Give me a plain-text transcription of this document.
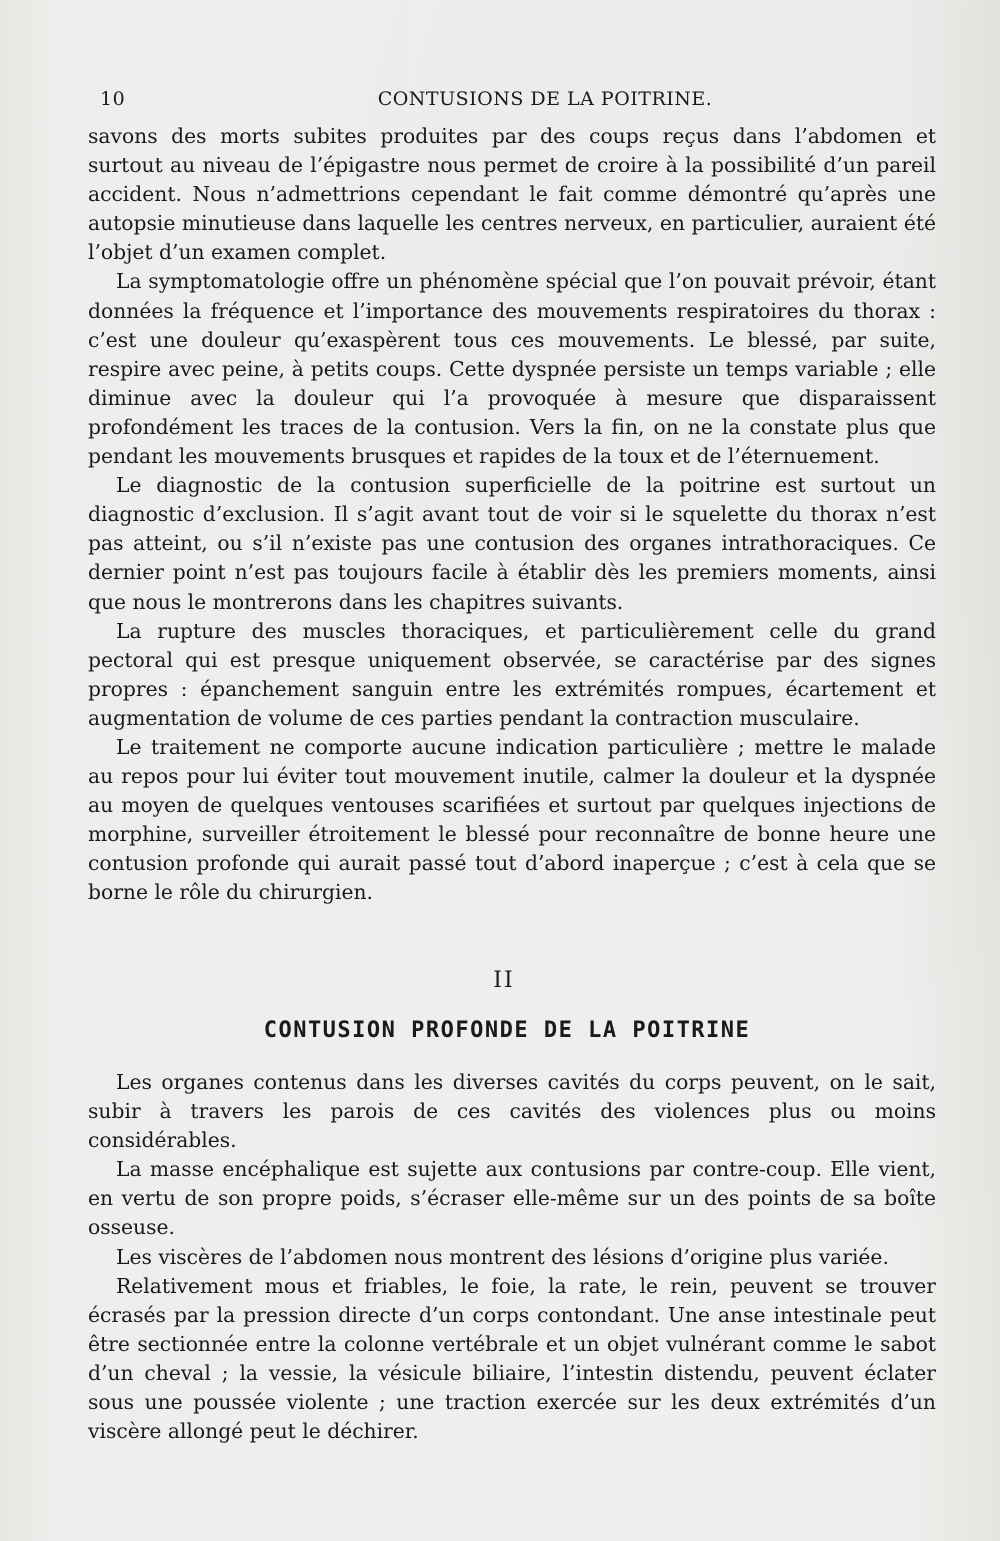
10	CONTUSIONS DE LA POITRINE.

savons des morts subites produites par des coups reçus dans l’abdomen et surtout au niveau de l’épigastre nous permet de croire à la possibilité d’un pareil accident. Nous n’admettrions cependant le fait comme démontré qu’après une autopsie minutieuse dans laquelle les centres nerveux, en particulier, auraient été l’objet d’un examen complet.

La symptomatologie offre un phénomène spécial que l’on pouvait prévoir, étant données la fréquence et l’importance des mouvements respiratoires du thorax : c’est une douleur qu’exaspèrent tous ces mouvements. Le blessé, par suite, respire avec peine, à petits coups. Cette dyspnée persiste un temps variable ; elle diminue avec la douleur qui l’a provoquée à mesure que disparaissent profondément les traces de la contusion. Vers la fin, on ne la constate plus que pendant les mouvements brusques et rapides de la toux et de l’éternuement.

Le diagnostic de la contusion superficielle de la poitrine est surtout un diagnostic d’exclusion. Il s’agit avant tout de voir si le squelette du thorax n’est pas atteint, ou s’il n’existe pas une contusion des organes intrathoraciques. Ce dernier point n’est pas toujours facile à établir dès les premiers moments, ainsi que nous le montrerons dans les chapitres suivants.

La rupture des muscles thoraciques, et particulièrement celle du grand pectoral qui est presque uniquement observée, se caractérise par des signes propres : épanchement sanguin entre les extrémités rompues, écartement et augmentation de volume de ces parties pendant la contraction musculaire.

Le traitement ne comporte aucune indication particulière ; mettre le malade au repos pour lui éviter tout mouvement inutile, calmer la douleur et la dyspnée au moyen de quelques ventouses scarifiées et surtout par quelques injections de morphine, surveiller étroitement le blessé pour reconnaître de bonne heure une contusion profonde qui aurait passé tout d’abord inaperçue ; c’est à cela que se borne le rôle du chirurgien.

II
CONTUSION PROFONDE DE LA POITRINE

Les organes contenus dans les diverses cavités du corps peuvent, on le sait, subir à travers les parois de ces cavités des violences plus ou moins considérables.

La masse encéphalique est sujette aux contusions par contre-coup. Elle vient, en vertu de son propre poids, s’écraser elle-même sur un des points de sa boîte osseuse.

Les viscères de l’abdomen nous montrent des lésions d’origine plus variée.

Relativement mous et friables, le foie, la rate, le rein, peuvent se trouver écrasés par la pression directe d’un corps contondant. Une anse intestinale peut être sectionnée entre la colonne vertébrale et un objet vulnérant comme le sabot d’un cheval ; la vessie, la vésicule biliaire, l’intestin distendu, peuvent éclater sous une poussée violente ; une traction exercée sur les deux extrémités d’un viscère allongé peut le déchirer.
